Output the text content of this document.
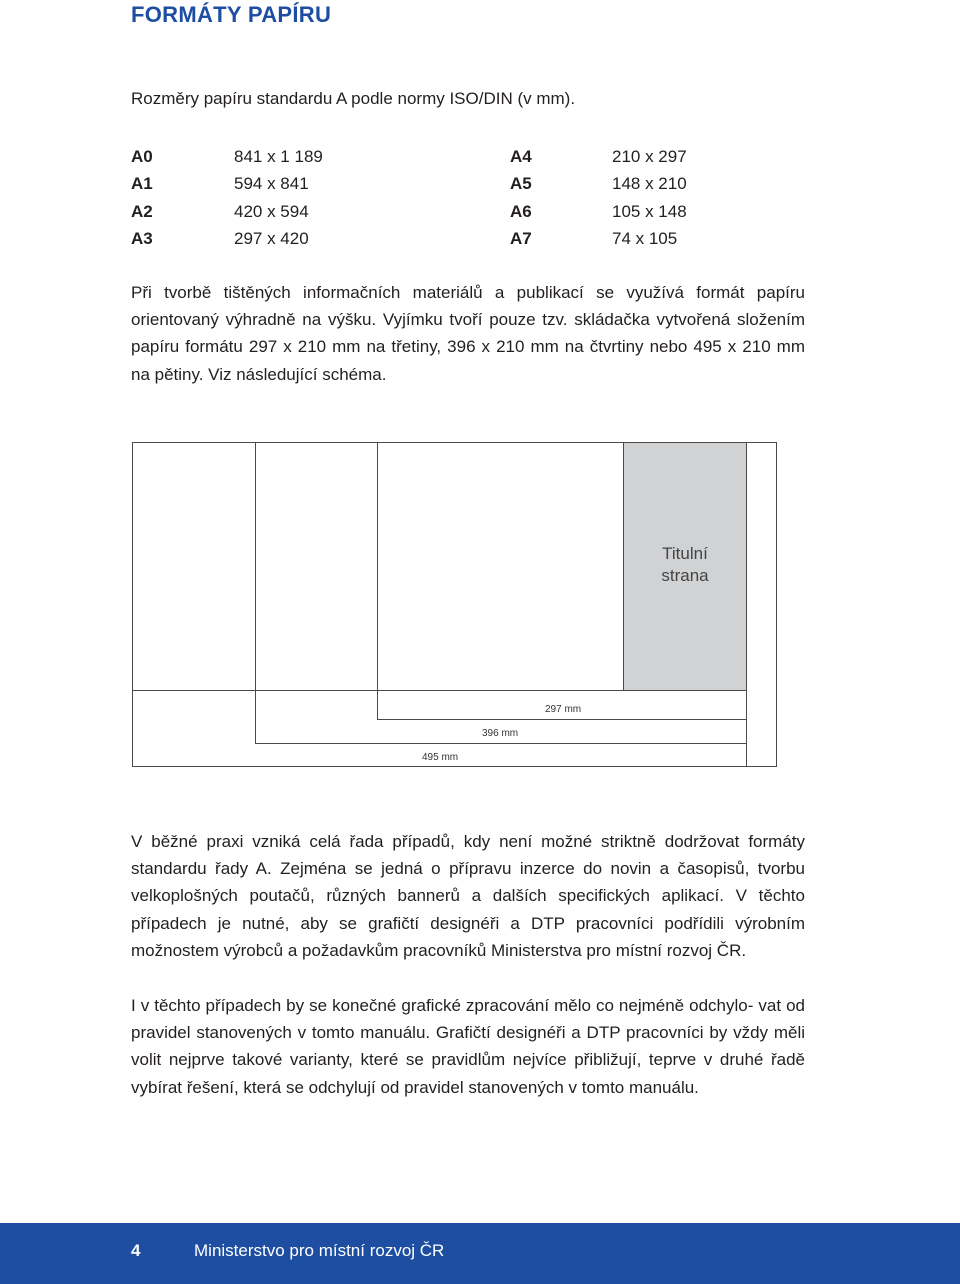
FORMÁTY PAPÍRU
Rozměry papíru standardu A podle normy ISO/DIN (v mm).
A0	841 x 1 189	A4	210 x 297
A1	594 x 841	A5	148 x 210
A2	420 x 594	A6	105 x 148
A3	297 x 420	A7	74 x 105

Při tvorbě tištěných informačních materiálů a publikací se využívá formát papíru orientovaný výhradně na výšku. Vyjímku tvoří pouze tzv. skládačka vytvořená složením papíru formátu 297 x 210 mm na třetiny, 396 x 210 mm na čtvrtiny nebo 495 x 210 mm na pětiny. Viz následující schéma.

Titulní
strana
297 mm
396 mm
495 mm

V běžné praxi vzniká celá řada případů, kdy není možné striktně dodržovat formáty standardu řady A. Zejména se jedná o přípravu inzerce do novin a časopisů, tvorbu velkoplošných poutačů, různých bannerů a dalších specifických aplikací. V těchto případech je nutné, aby se grafičtí designéři a DTP pracovníci podřídili výrobním možnostem výrobců a požadavkům pracovníků Ministerstva pro místní rozvoj ČR.

I v těchto případech by se konečné grafické zpracování mělo co nejméně odchylo- vat od pravidel stanovených v tomto manuálu. Grafičtí designéři a DTP pracovníci by vždy měli volit nejprve takové varianty, které se pravidlům nejvíce přibližují, teprve v druhé řadě vybírat řešení, která se odchylují od pravidel stanovených v tomto manuálu.

4	Ministerstvo pro místní rozvoj ČR
